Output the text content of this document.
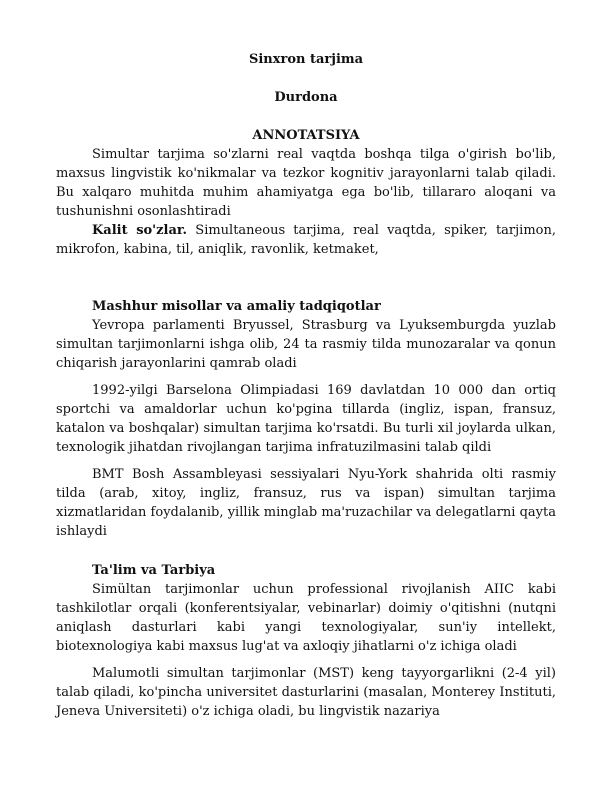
Sinxron tarjima
Durdona
ANNOTATSIYA

Simultar tarjima so'zlarni real vaqtda boshqa tilga o'girish bo'lib, maxsus lingvistik ko'nikmalar va tezkor kognitiv jarayonlarni talab qiladi. Bu xalqaro muhitda muhim ahamiyatga ega bo'lib, tillararo aloqani va tushunishni osonlashtiradi

Kalit so'zlar. Simultaneous tarjima, real vaqtda, spiker, tarjimon, mikrofon, kabina, til, aniqlik, ravonlik, ketmaket,

Mashhur misollar va amaliy tadqiqotlar

Yevropa parlamenti Bryussel, Strasburg va Lyuksemburgda yuzlab simultan tarjimonlarni ishga olib, 24 ta rasmiy tilda munozaralar va qonun chiqarish jarayonlarini qamrab oladi

1992-yilgi Barselona Olimpiadasi 169 davlatdan 10 000 dan ortiq sportchi va amaldorlar uchun ko'pgina tillarda (ingliz, ispan, fransuz, katalon va boshqalar) simultan tarjima ko'rsatdi. Bu turli xil joylarda ulkan, texnologik jihatdan rivojlangan tarjima infratuzilmasini talab qildi

BMT Bosh Assambleyasi sessiyalari Nyu-York shahrida olti rasmiy tilda (arab, xitoy, ingliz, fransuz, rus va ispan) simultan tarjima xizmatlaridan foydalanib, yillik minglab ma'ruzachilar va delegatlarni qayta ishlaydi

Ta'lim va Tarbiya

Simültan tarjimonlar uchun professional rivojlanish AIIC kabi tashkilotlar orqali (konferentsiyalar, vebinarlar) doimiy o'qitishni (nutqni aniqlash dasturlari kabi yangi texnologiyalar, sun'iy intellekt, biotexnologiya kabi maxsus lug'at va axloqiy jihatlarni o'z ichiga oladi

Malumotli simultan tarjimonlar (MST) keng tayyorgarlikni (2-4 yil) talab qiladi, ko'pincha universitet dasturlarini (masalan, Monterey Instituti, Jeneva Universiteti) o'z ichiga oladi, bu lingvistik nazariya
